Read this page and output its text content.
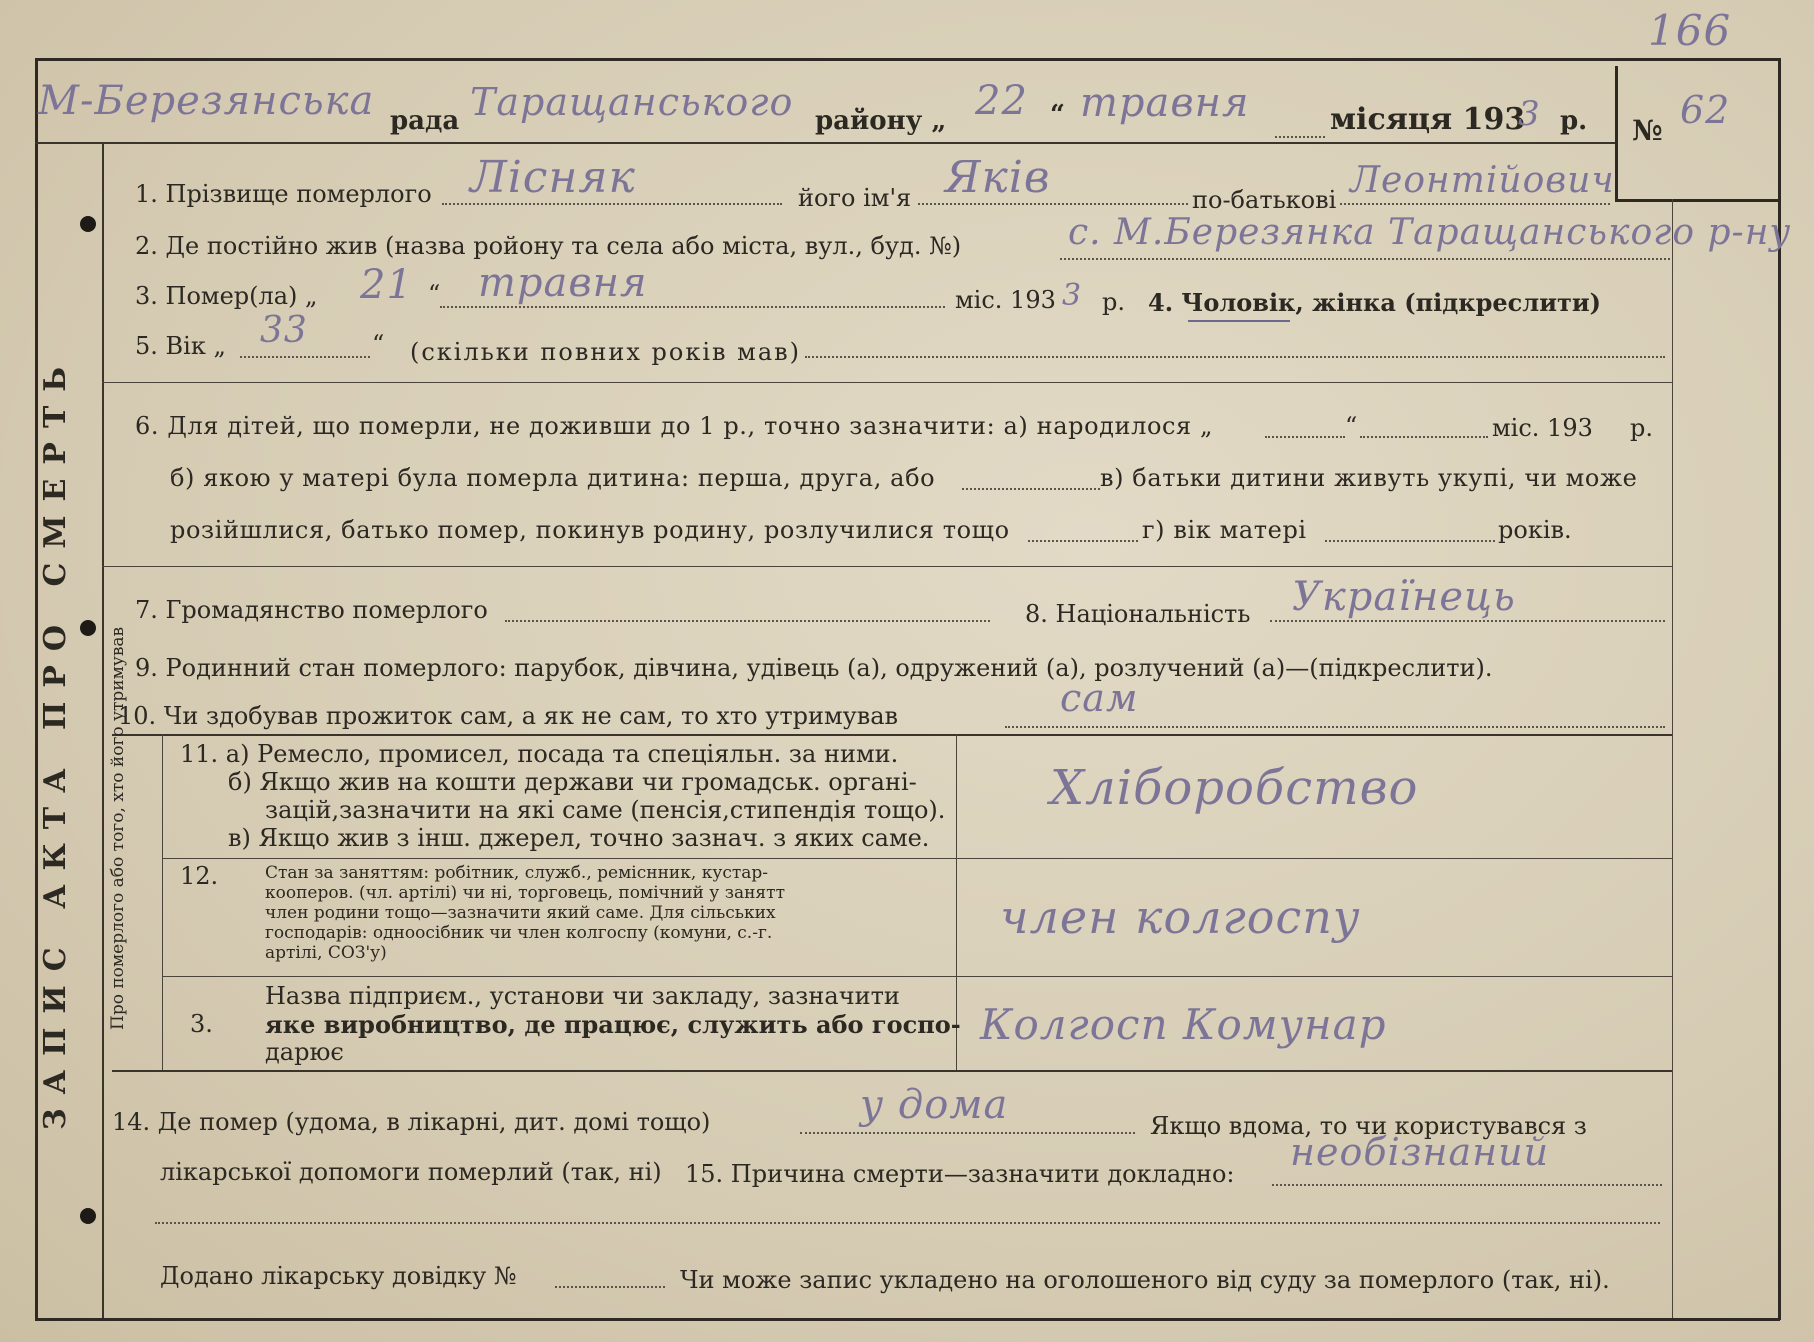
166
М-Березянська рада Таращанського району „ 22 “ травня	місяця 193
3 р. № 62
ЗАПИС АКТА ПРО СМЕРТЬ
1. Прізвище померлого Лісняк	його ім'я Яків	по-батькові Леонтійович
2. Де постійно жив (назва ройону та села або міста, вул., буд. №)	с. М.Березянка Таращанського р-ну
3. Помер(ла) „ 21 “ травня	міс. 193 3 р. 4. Чоловік, жінка (підкреслити)
5. Вік „ 33	“ (скільки повних років мав)
6. Для дітей, що померли, не доживши до 1 р., точно зазначити: а) народилося „	“	міс. 193 р.
б) якою у матері була померла дитина: перша, друга, або	в) батьки дитини живуть укупі, чи може
розійшлися, батько помер, покинув родину, розлучилися тощо	г) вік матері	років.
7. Громадянство померлого	8. Національність Українець
9. Родинний стан померлого: парубок, дівчина, удівець (а), одружений (а), розлучений (а)—(підкреслити).
10. Чи здобував прожиток сам, а як не сам, то хто утримував	сам
Про померлого або того, хто його утримував 11. а) Ремесло, промисел, посада та спеціяльн. за ними.
б) Якщо жив на кошти держави чи громадськ. органі-
зацій,зазначити на які саме (пенсія,стипендія тощо).
в) Якщо жив з інш. джерел, точно зазнач. з яких саме.
Хліборобство
12.	Стан за заняттям: робітник, служб., реміснник, кустар-
кооперов. (чл. артілі) чи ні, торговець, помічний у занятт
член родини тощо—зазначити який саме. Для сільських
господарів: одноосібник чи член колгоспу (комуни, с.-г.
артілі, СОЗ'у)
член колгоспу
Назва підприєм., установи чи закладу, зазначити
3. яке виробництво, де працює, служить або госпо-
дарює
Колгосп Комунар
14. Де помер (удома, в лікарні, дит. домі тощо)	у дома	Якщо вдома, то чи користувався з
лікарської допомоги померлий (так, ні) 15. Причина смерти—зазначити докладно: необізнаний
Додано лікарську довідку №	Чи може запис укладено на оголошеного від суду за померлого (так, ні).
